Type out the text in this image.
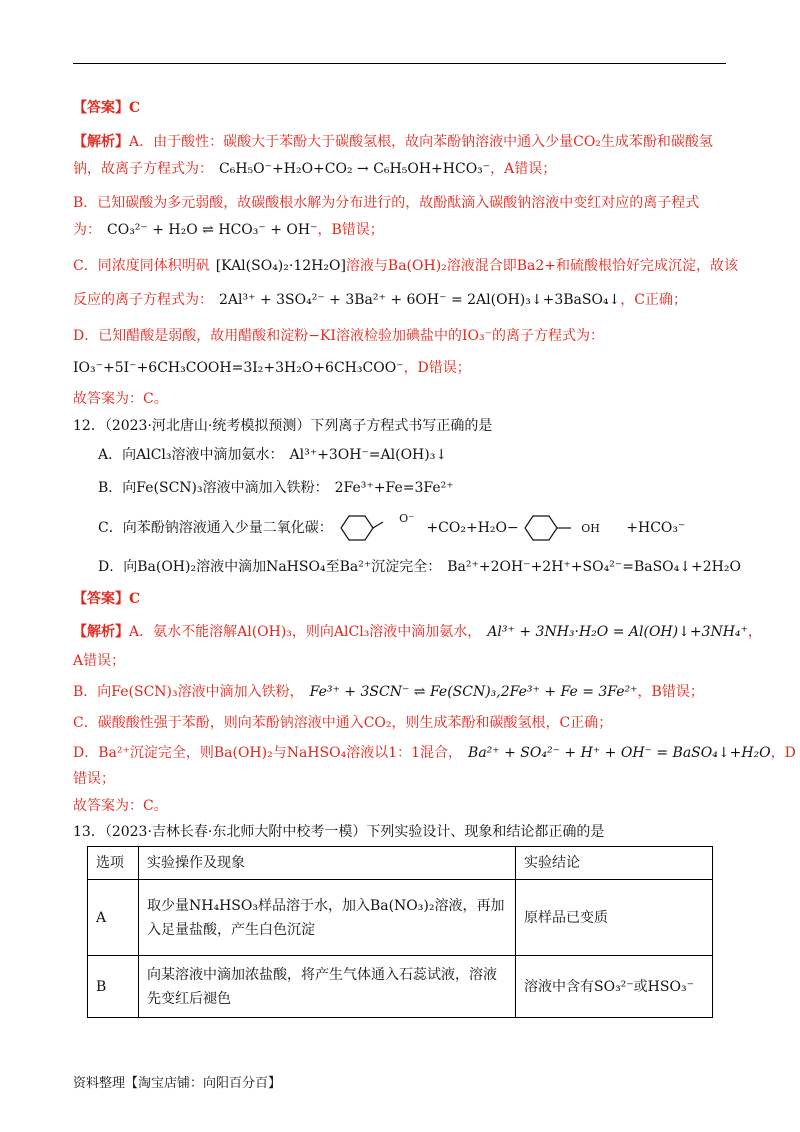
【答案】C
【解析】A．由于酸性：碳酸大于苯酚大于碳酸氢根，故向苯酚钠溶液中通入少量CO₂生成苯酚和碳酸氢
钠，故离子方程式为： C₆H₅O⁻+H₂O+CO₂ → C₆H₅OH+HCO₃⁻，A错误；
B．已知碳酸为多元弱酸，故碳酸根水解为分布进行的，故酚酞滴入碳酸钠溶液中变红对应的离子程式
为： CO₃²⁻ + H₂O ⇌ HCO₃⁻ + OH⁻，B错误；
C．同浓度同体积明矾 [KAl(SO₄)₂·12H₂O]溶液与Ba(OH)₂溶液混合即Ba2+和硫酸根恰好完成沉淀，故该
反应的离子方程式为： 2Al³⁺ + 3SO₄²⁻ + 3Ba²⁺ + 6OH⁻ = 2Al(OH)₃↓+3BaSO₄↓，C正确；
D．已知醋酸是弱酸，故用醋酸和淀粉−KI溶液检验加碘盐中的IO₃⁻的离子方程式为：
IO₃⁻+5I⁻+6CH₃COOH=3I₂+3H₂O+6CH₃COO⁻，D错误；
故答案为：C。
12．（2023·河北唐山·统考模拟预测）下列离子方程式书写正确的是
A．向AlCl₃溶液中滴加氨水： Al³⁺+3OH⁻=Al(OH)₃↓
B．向Fe(SCN)₃溶液中滴加入铁粉： 2Fe³⁺+Fe=3Fe²⁺
C．向苯酚钠溶液通入少量二氧化碳： $^{O^-}$ +CO₂+H₂O−	OH +HCO₃⁻
D．向Ba(OH)₂溶液中滴加NaHSO₄至Ba²⁺沉淀完全： Ba²⁺+2OH⁻+2H⁺+SO₄²⁻=BaSO₄↓+2H₂O
【答案】C
【解析】A．氨水不能溶解Al(OH)₃，则向AlCl₃溶液中滴加氨水， Al³⁺ + 3NH₃·H₂O = Al(OH)↓+3NH₄⁺，
A错误；
B．向Fe(SCN)₃溶液中滴加入铁粉， Fe³⁺ + 3SCN⁻ ⇌ Fe(SCN)₃,2Fe³⁺ + Fe = 3Fe²⁺，B错误；
C．碳酸酸性强于苯酚，则向苯酚钠溶液中通入CO₂，则生成苯酚和碳酸氢根，C正确；
D．Ba²⁺沉淀完全，则Ba(OH)₂与NaHSO₄溶液以1：1混合， Ba²⁺ + SO₄²⁻ + H⁺ + OH⁻ = BaSO₄↓+H₂O，D
错误；
故答案为：C。
13．（2023·吉林长春·东北师大附中校考一模）下列实验设计、现象和结论都正确的是
选项	实验操作及现象	实验结论
A	取少量NH₄HSO₃样品溶于水，加入Ba(NO₃)₂溶液，再加
入足量盐酸，产生白色沉淀	原样品已变质
B	向某溶液中滴加浓盐酸，将产生气体通入石蕊试液，溶液
先变红后褪色	溶液中含有SO₃²⁻或HSO₃⁻
资料整理【淘宝店铺：向阳百分百】
